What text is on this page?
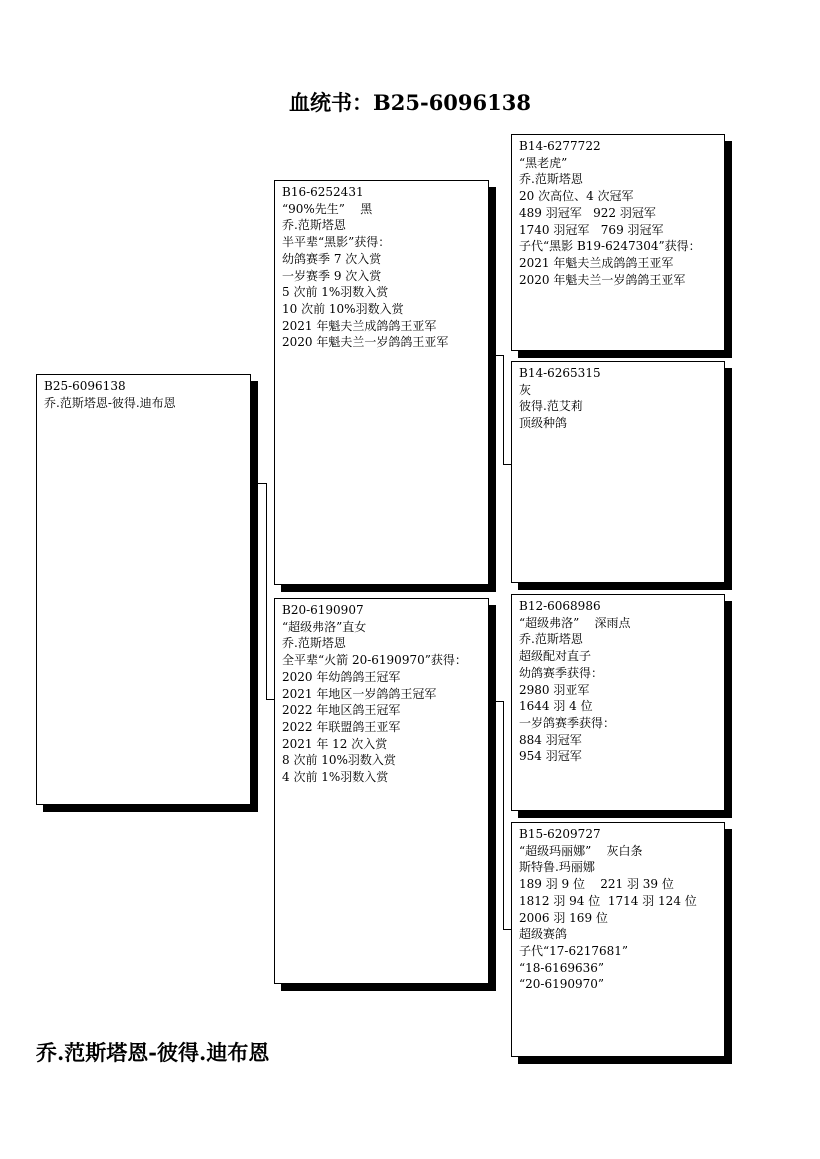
血统书：B25-6096138
B25-6096138
乔.范斯塔恩-彼得.迪布恩
B16-6252431
“90%先生”    黑
乔.范斯塔恩
半平辈“黑影”获得：
幼鸽赛季 7 次入赏
一岁赛季 9 次入赏
5 次前 1%羽数入赏
10 次前 10%羽数入赏
2021 年魁夫兰成鸽鸽王亚军
2020 年魁夫兰一岁鸽鸽王亚军
B20-6190907
“超级弗洛”直女
乔.范斯塔恩
全平辈“火箭 20-6190970”获得：
2020 年幼鸽鸽王冠军
2021 年地区一岁鸽鸽王冠军
2022 年地区鸽王冠军
2022 年联盟鸽王亚军
2021 年 12 次入赏
8 次前 10%羽数入赏
4 次前 1%羽数入赏
B14-6277722
“黑老虎”
乔.范斯塔恩
20 次高位、4 次冠军
489 羽冠军   922 羽冠军
1740 羽冠军   769 羽冠军
子代“黑影 B19-6247304”获得：
2021 年魁夫兰成鸽鸽王亚军
2020 年魁夫兰一岁鸽鸽王亚军
B14-6265315
灰
彼得.范艾莉
顶级种鸽
B12-6068986
“超级弗洛”    深雨点
乔.范斯塔恩
超级配对直子
幼鸽赛季获得：
2980 羽亚军
1644 羽 4 位
一岁鸽赛季获得：
884 羽冠军
954 羽冠军
B15-6209727
“超级玛丽娜”    灰白条
斯特鲁.玛丽娜
189 羽 9 位    221 羽 39 位
1812 羽 94 位  1714 羽 124 位
2006 羽 169 位
超级赛鸽
子代“17-6217681”
“18-6169636”
“20-6190970”
乔.范斯塔恩-彼得.迪布恩
